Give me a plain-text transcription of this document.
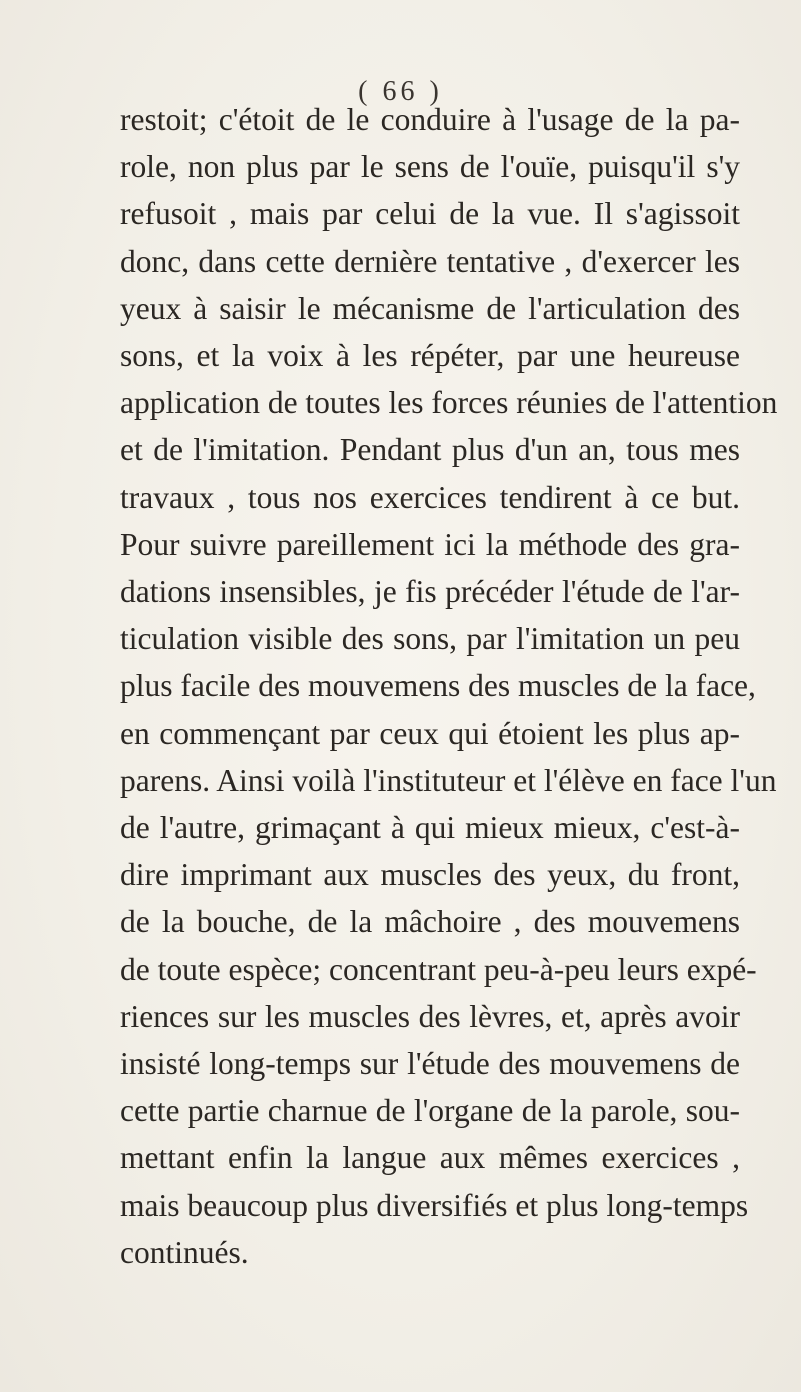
( 66 )
restoit; c'étoit de le conduire à l'usage de la pa-
role, non plus par le sens de l'ouïe, puisqu'il s'y
refusoit , mais par celui de la vue. Il s'agissoit
donc, dans cette dernière tentative , d'exercer les
yeux à saisir le mécanisme de l'articulation des
sons, et la voix à les répéter, par une heureuse
application de toutes les forces réunies de l'attention
et de l'imitation. Pendant plus d'un an, tous mes
travaux , tous nos exercices tendirent à ce but.
Pour suivre pareillement ici la méthode des gra-
dations insensibles, je fis précéder l'étude de l'ar-
ticulation visible des sons, par l'imitation un peu
plus facile des mouvemens des muscles de la face,
en commençant par ceux qui étoient les plus ap-
parens. Ainsi voilà l'instituteur et l'élève en face l'un
de l'autre, grimaçant à qui mieux mieux, c'est-à-
dire imprimant aux muscles des yeux, du front,
de la bouche, de la mâchoire , des mouvemens
de toute espèce; concentrant peu-à-peu leurs expé-
riences sur les muscles des lèvres, et, après avoir
insisté long-temps sur l'étude des mouvemens de
cette partie charnue de l'organe de la parole, sou-
mettant enfin la langue aux mêmes exercices ,
mais beaucoup plus diversifiés et plus long-temps
continués.
